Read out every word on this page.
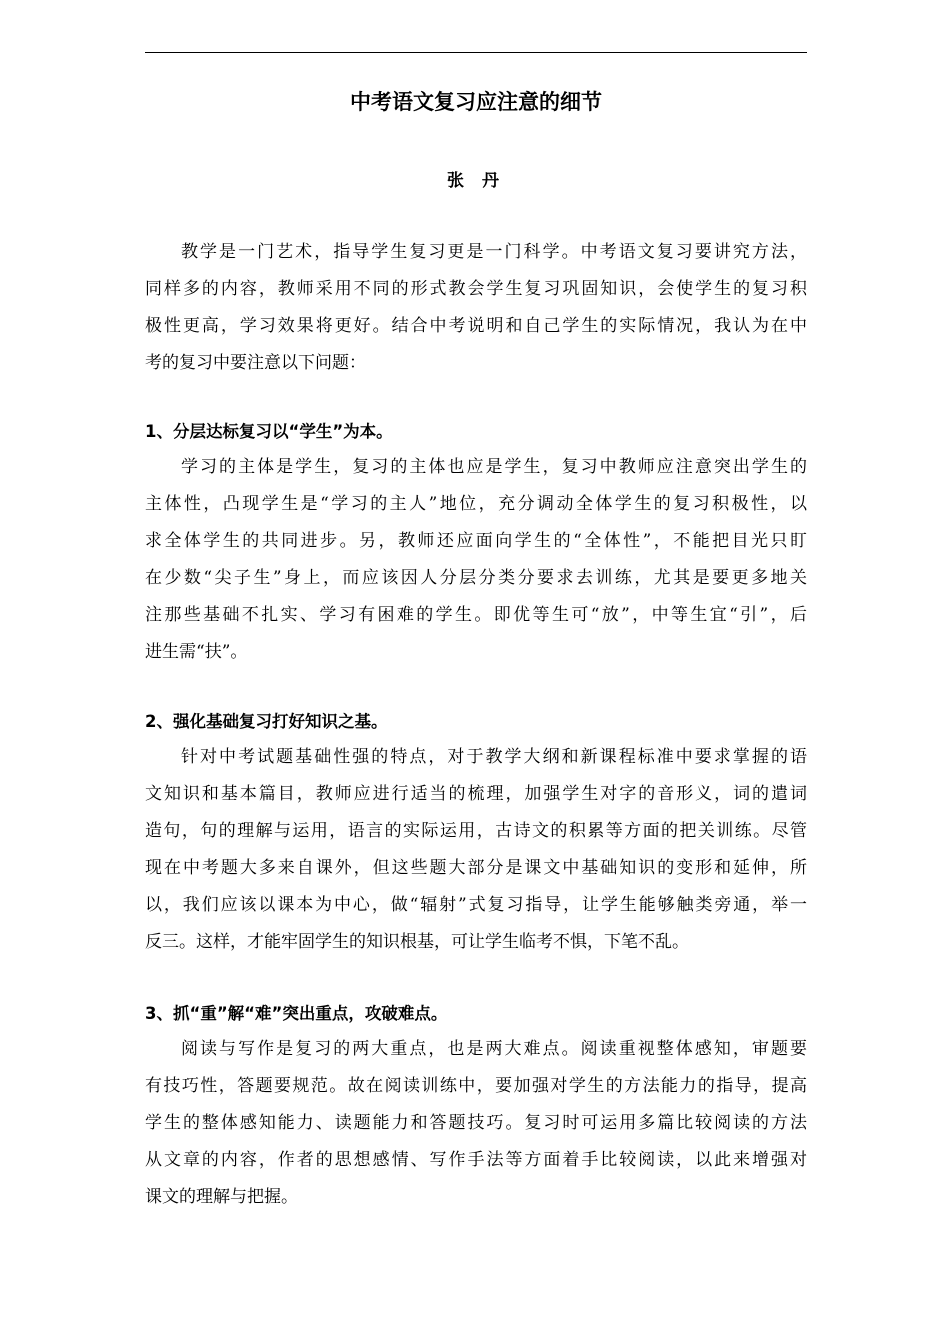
中考语文复习应注意的细节
张 丹
教学是一门艺术，指导学生复习更是一门科学。中考语文复习要讲究方法，
同样多的内容，教师采用不同的形式教会学生复习巩固知识，会使学生的复习积
极性更高，学习效果将更好。结合中考说明和自己学生的实际情况，我认为在中
考的复习中要注意以下问题：
1、分层达标复习以“学生”为本。
学习的主体是学生，复习的主体也应是学生，复习中教师应注意突出学生的
主体性，凸现学生是“学习的主人”地位，充分调动全体学生的复习积极性，以
求全体学生的共同进步。另，教师还应面向学生的“全体性”，不能把目光只盯
在少数“尖子生”身上，而应该因人分层分类分要求去训练，尤其是要更多地关
注那些基础不扎实、学习有困难的学生。即优等生可“放”，中等生宜“引”，后
进生需“扶”。
2、强化基础复习打好知识之基。
针对中考试题基础性强的特点，对于教学大纲和新课程标准中要求掌握的语
文知识和基本篇目，教师应进行适当的梳理，加强学生对字的音形义，词的遣词
造句，句的理解与运用，语言的实际运用，古诗文的积累等方面的把关训练。尽管
现在中考题大多来自课外，但这些题大部分是课文中基础知识的变形和延伸，所
以，我们应该以课本为中心，做“辐射”式复习指导，让学生能够触类旁通，举一
反三。这样，才能牢固学生的知识根基，可让学生临考不惧，下笔不乱。
3、抓“重”解“难”突出重点，攻破难点。
阅读与写作是复习的两大重点，也是两大难点。阅读重视整体感知，审题要
有技巧性，答题要规范。故在阅读训练中，要加强对学生的方法能力的指导，提高
学生的整体感知能力、读题能力和答题技巧。复习时可运用多篇比较阅读的方法
从文章的内容，作者的思想感情、写作手法等方面着手比较阅读，以此来增强对
课文的理解与把握。
